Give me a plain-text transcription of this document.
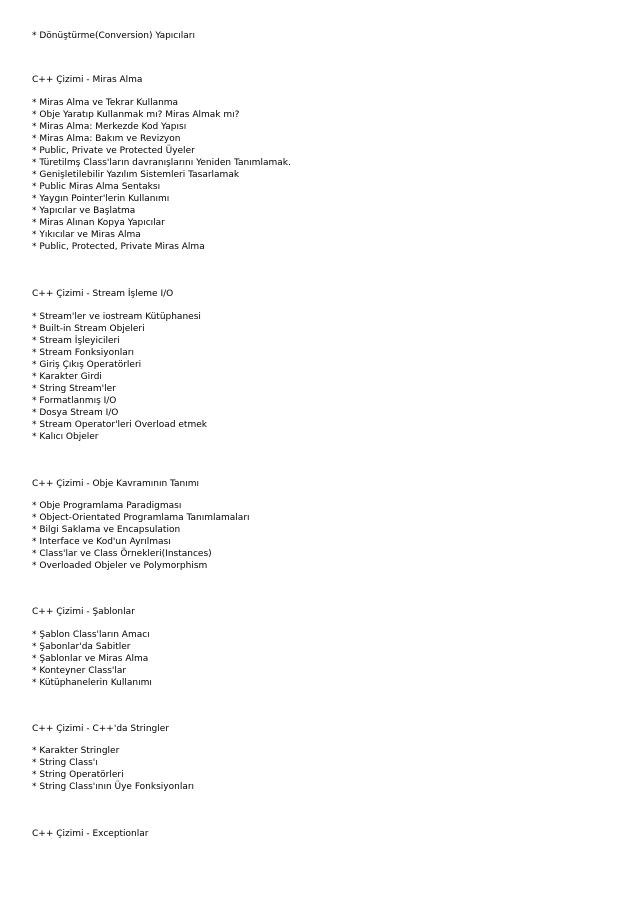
* Dönüştürme(Conversion) Yapıcıları
C++ Çizimi - Miras Alma
* Miras Alma ve Tekrar Kullanma
* Obje Yaratıp Kullanmak mı? Miras Almak mı?
* Miras Alma: Merkezde Kod Yapısı
* Miras Alma: Bakım ve Revizyon
* Public, Private ve Protected Üyeler
* Türetilmş Class'ların davranışlarını Yeniden Tanımlamak.
* Genişletilebilir Yazılım Sistemleri Tasarlamak
* Public Miras Alma Sentaksı
* Yaygın Pointer'lerin Kullanımı
* Yapıcılar ve Başlatma
* Miras Alınan Kopya Yapıcılar
* Yıkıcılar ve Miras Alma
* Public, Protected, Private Miras Alma
C++ Çizimi - Stream İşleme I/O
* Stream'ler ve iostream Kütüphanesi
* Built-in Stream Objeleri
* Stream İşleyicileri
* Stream Fonksiyonları
* Giriş Çıkış Operatörleri
* Karakter Girdi
* String Stream'ler
* Formatlanmış I/O
* Dosya Stream I/O
* Stream Operator'leri Overload etmek
* Kalıcı Objeler
C++ Çizimi - Obje Kavramının Tanımı
* Obje Programlama Paradigması
* Object-Orientated Programlama Tanımlamaları
* Bilgi Saklama ve Encapsulation
* Interface ve Kod'un Ayrılması
* Class'lar ve Class Örnekleri(Instances)
* Overloaded Objeler ve Polymorphism
C++ Çizimi - Şablonlar
* Şablon Class'ların Amacı
* Şabonlar'da Sabitler
* Şablonlar ve Miras Alma
* Konteyner Class'lar
* Kütüphanelerin Kullanımı
C++ Çizimi - C++'da Stringler
* Karakter Stringler
* String Class'ı
* String Operatörleri
* String Class'ının Üye Fonksiyonları
C++ Çizimi - Exceptionlar
